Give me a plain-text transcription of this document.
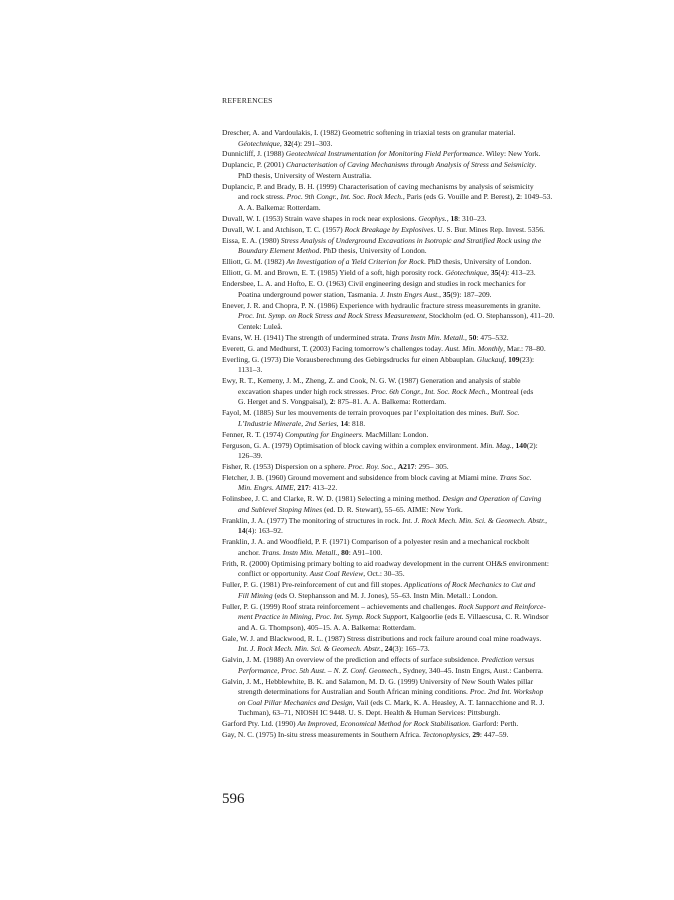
REFERENCES
Drescher, A. and Vardoulakis, I. (1982) Geometric softening in triaxial tests on granular material.
Géotechnique, 32(4): 291–303.
Dunnicliff, J. (1988) Geotechnical Instrumentation for Monitoring Field Performance. Wiley: New York.
Duplancic, P. (2001) Characterisation of Caving Mechanisms through Analysis of Stress and Seismicity.
PhD thesis, University of Western Australia.
Duplancic, P. and Brady, B. H. (1999) Characterisation of caving mechanisms by analysis of seismicity
and rock stress. Proc. 9th Congr., Int. Soc. Rock Mech., Paris (eds G. Vouille and P. Berest), 2: 1049–53.
A. A. Balkema: Rotterdam.
Duvall, W. I. (1953) Strain wave shapes in rock near explosions. Geophys., 18: 310–23.
Duvall, W. I. and Atchison, T. C. (1957) Rock Breakage by Explosives. U. S. Bur. Mines Rep. Invest. 5356.
Eissa, E. A. (1980) Stress Analysis of Underground Excavations in Isotropic and Stratified Rock using the
Boundary Element Method. PhD thesis, University of London.
Elliott, G. M. (1982) An Investigation of a Yield Criterion for Rock. PhD thesis, University of London.
Elliott, G. M. and Brown, E. T. (1985) Yield of a soft, high porosity rock. Géotechnique, 35(4): 413–23.
Endersbee, L. A. and Hofto, E. O. (1963) Civil engineering design and studies in rock mechanics for
Poatina underground power station, Tasmania. J. Instn Engrs Aust., 35(9): 187–209.
Enever, J. R. and Chopra, P. N. (1986) Experience with hydraulic fracture stress measurements in granite.
Proc. Int. Symp. on Rock Stress and Rock Stress Measurement, Stockholm (ed. O. Stephansson), 411–20.
Centek: Luleå.
Evans, W. H. (1941) The strength of undermined strata. Trans Instn Min. Metall., 50: 475–532.
Everett, G. and Medhurst, T. (2003) Facing tomorrow’s challenges today. Aust. Min. Monthly, Mar.: 78–80.
Everling, G. (1973) Die Vorausberechnung des Gebirgsdrucks fur einen Abbauplan. Gluckauf, 109(23):
1131–3.
Ewy, R. T., Kemeny, J. M., Zheng, Z. and Cook, N. G. W. (1987) Generation and analysis of stable
excavation shapes under high rock stresses. Proc. 6th Congr., Int. Soc. Rock Mech., Montreal (eds
G. Herget and S. Vongpaisal), 2: 875–81. A. A. Balkema: Rotterdam.
Fayol, M. (1885) Sur les mouvements de terrain provoques par l’exploitation des mines. Bull. Soc.
L’Industrie Minerale, 2nd Series, 14: 818.
Fenner, R. T. (1974) Computing for Engineers. MacMillan: London.
Ferguson, G. A. (1979) Optimisation of block caving within a complex environment. Min. Mag., 140(2):
126–39.
Fisher, R. (1953) Dispersion on a sphere. Proc. Roy. Soc., A217: 295– 305.
Fletcher, J. B. (1960) Ground movement and subsidence from block caving at Miami mine. Trans Soc.
Min. Engrs. AIME, 217: 413–22.
Folinsbee, J. C. and Clarke, R. W. D. (1981) Selecting a mining method. Design and Operation of Caving
and Sublevel Stoping Mines (ed. D. R. Stewart), 55–65. AIME: New York.
Franklin, J. A. (1977) The monitoring of structures in rock. Int. J. Rock Mech. Min. Sci. & Geomech. Abstr.,
14(4): 163–92.
Franklin, J. A. and Woodfield, P. F. (1971) Comparison of a polyester resin and a mechanical rockbolt
anchor. Trans. Instn Min. Metall., 80: A91–100.
Frith, R. (2000) Optimising primary bolting to aid roadway development in the current OH&S environment:
conflict or opportunity. Aust Coal Review, Oct.: 30–35.
Fuller, P. G. (1981) Pre-reinforcement of cut and fill stopes. Applications of Rock Mechanics to Cut and
Fill Mining (eds O. Stephansson and M. J. Jones), 55–63. Instn Min. Metall.: London.
Fuller, P. G. (1999) Roof strata reinforcement – achievements and challenges. Rock Support and Reinforce-
ment Practice in Mining, Proc. Int. Symp. Rock Support, Kalgoorlie (eds E. Villaescusa, C. R. Windsor
and A. G. Thompson), 405–15. A. A. Balkema: Rotterdam.
Gale, W. J. and Blackwood, R. L. (1987) Stress distributions and rock failure around coal mine roadways.
Int. J. Rock Mech. Min. Sci. & Geomech. Abstr., 24(3): 165–73.
Galvin, J. M. (1988) An overview of the prediction and effects of surface subsidence. Prediction versus
Performance, Proc. 5th Aust. – N. Z. Conf. Geomech., Sydney, 340–45. Instn Engrs, Aust.: Canberra.
Galvin, J. M., Hebblewhite, B. K. and Salamon, M. D. G. (1999) University of New South Wales pillar
strength determinations for Australian and South African mining conditions. Proc. 2nd Int. Workshop
on Coal Pillar Mechanics and Design, Vail (eds C. Mark, K. A. Heasley, A. T. Iannacchione and R. J.
Tuchman), 63–71, NIOSH IC 9448. U. S. Dept. Health & Human Services: Pittsburgh.
Garford Pty. Ltd. (1990) An Improved, Economical Method for Rock Stabilisation. Garford: Perth.
Gay, N. C. (1975) In-situ stress measurements in Southern Africa. Tectonophysics, 29: 447–59.
596
